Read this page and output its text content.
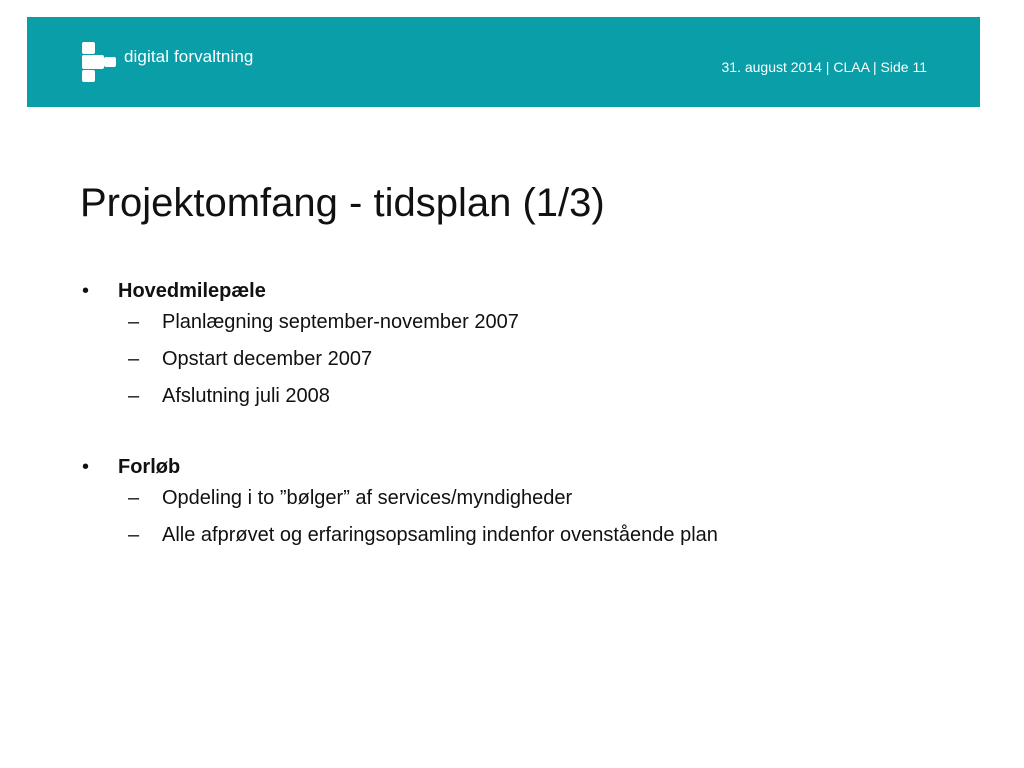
digital forvaltning
31. august 2014 | CLAA | Side 11
Projektomfang - tidsplan (1/3)
•	Hovedmilepæle
–	Planlægning september-november 2007
–	Opstart december 2007
–	Afslutning juli 2008
•	Forløb
–	Opdeling i to ”bølger” af services/myndigheder
–	Alle afprøvet og erfaringsopsamling indenfor ovenstående plan
